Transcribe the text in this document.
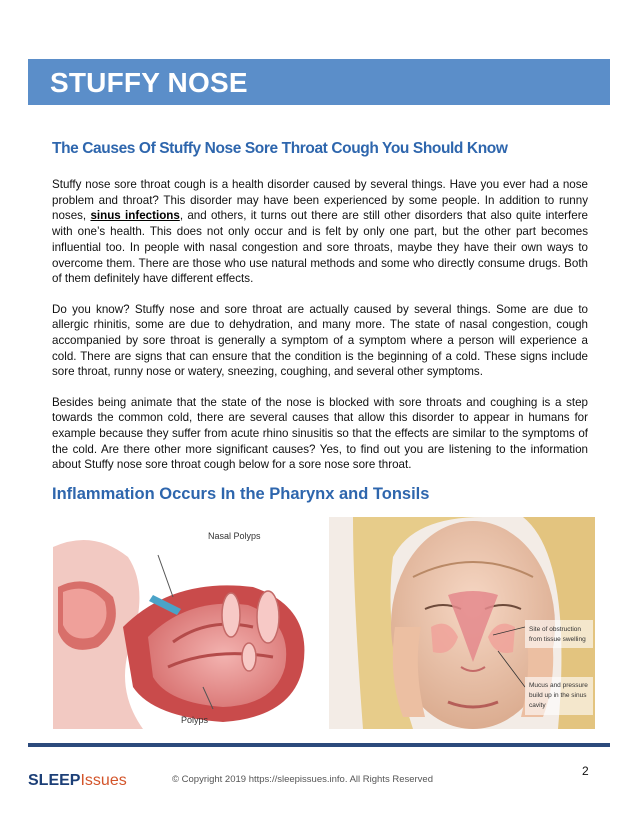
STUFFY NOSE
The Causes Of Stuffy Nose Sore Throat Cough You Should Know

Stuffy nose sore throat cough is a health disorder caused by several things. Have you ever had a nose problem and throat? This disorder may have been experienced by some people. In addition to runny noses, sinus infections, and others, it turns out there are still other disorders that also quite interfere with one’s health. This does not only occur and is felt by only one part, but the other part becomes influential too. In people with nasal congestion and sore throats, maybe they have their own ways to overcome them. There are those who use natural methods and some who directly consume drugs. Both of them definitely have different effects.

Do you know? Stuffy nose and sore throat are actually caused by several things. Some are due to allergic rhinitis, some are due to dehydration, and many more. The state of nasal congestion, cough accompanied by sore throat is generally a symptom of a symptom where a person will experience a cold. There are signs that can ensure that the condition is the beginning of a cold. These signs include sore throat, runny nose or watery, sneezing, coughing, and several other symptoms.

Besides being animate that the state of the nose is blocked with sore throats and coughing is a step towards the common cold, there are several causes that allow this disorder to appear in humans for example because they suffer from acute rhino sinusitis so that the effects are similar to the symptoms of the cold. Are there other more significant causes? Yes, to find out you are listening to the information about Stuffy nose sore throat cough below for a sore nose sore throat.

Inflammation Occurs In the Pharynx and Tonsils
Nasal Polyps
Polyps
Site of obstruction
from tissue swelling
Mucus and pressure
build up in the sinus
cavity
2
SLEEPIssues	© Copyright 2019 https://sleepissues.info. All Rights Reserved
